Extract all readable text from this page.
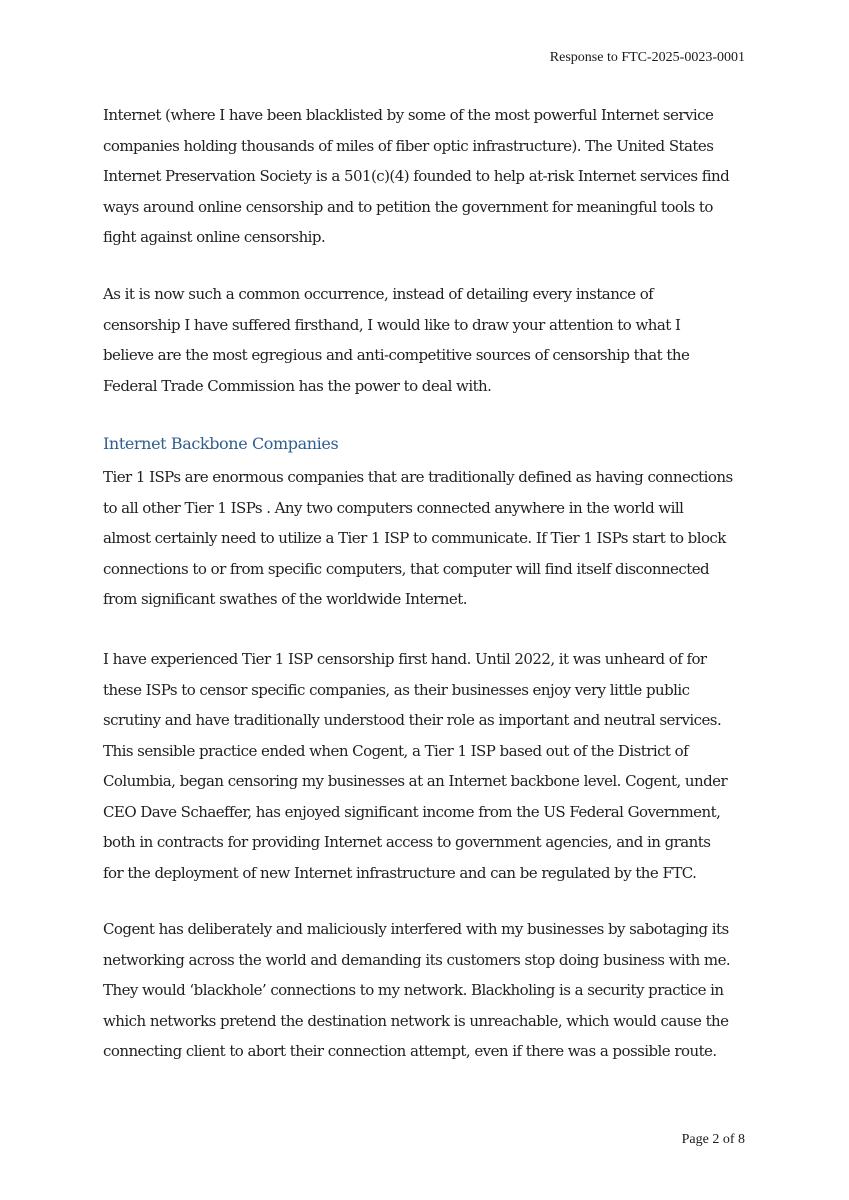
Response to FTC-2025-0023-0001
Internet (where I have been blacklisted by some of the most powerful Internet service
companies holding thousands of miles of fiber optic infrastructure). The United States
Internet Preservation Society is a 501(c)(4) founded to help at-risk Internet services find
ways around online censorship and to petition the government for meaningful tools to
fight against online censorship.
As it is now such a common occurrence, instead of detailing every instance of
censorship I have suffered firsthand, I would like to draw your attention to what I
believe are the most egregious and anti-competitive sources of censorship that the
Federal Trade Commission has the power to deal with.
Internet Backbone Companies
Tier 1 ISPs are enormous companies that are traditionally defined as having connections
to all other Tier 1 ISPs . Any two computers connected anywhere in the world will
almost certainly need to utilize a Tier 1 ISP to communicate. If Tier 1 ISPs start to block
connections to or from specific computers, that computer will find itself disconnected
from significant swathes of the worldwide Internet.
I have experienced Tier 1 ISP censorship first hand. Until 2022, it was unheard of for
these ISPs to censor specific companies, as their businesses enjoy very little public
scrutiny and have traditionally understood their role as important and neutral services.
This sensible practice ended when Cogent, a Tier 1 ISP based out of the District of
Columbia, began censoring my businesses at an Internet backbone level. Cogent, under
CEO Dave Schaeffer, has enjoyed significant income from the US Federal Government,
both in contracts for providing Internet access to government agencies, and in grants
for the deployment of new Internet infrastructure and can be regulated by the FTC.
Cogent has deliberately and maliciously interfered with my businesses by sabotaging its
networking across the world and demanding its customers stop doing business with me.
They would ‘blackhole’ connections to my network. Blackholing is a security practice in
which networks pretend the destination network is unreachable, which would cause the
connecting client to abort their connection attempt, even if there was a possible route.
Page 2 of 8
